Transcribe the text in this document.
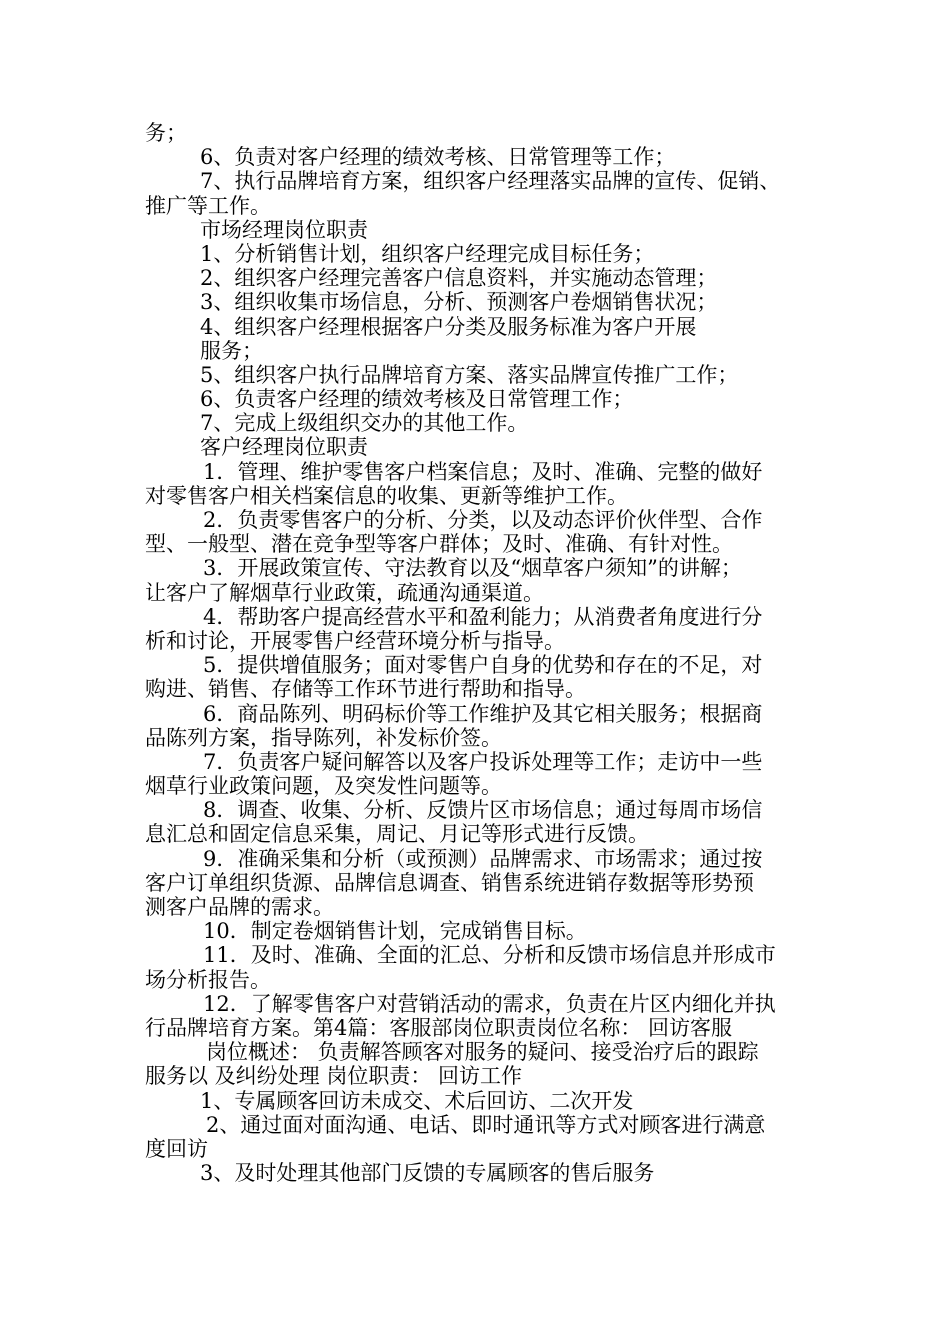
务；
6、负责对客户经理的绩效考核、日常管理等工作；
7、执行品牌培育方案，组织客户经理落实品牌的宣传、促销、
推广等工作。
市场经理岗位职责
1、分析销售计划，组织客户经理完成目标任务；
2、组织客户经理完善客户信息资料，并实施动态管理；
3、组织收集市场信息，分析、预测客户卷烟销售状况；
4、组织客户经理根据客户分类及服务标准为客户开展
服务；
5、组织客户执行品牌培育方案、落实品牌宣传推广工作；
6、负责客户经理的绩效考核及日常管理工作；
7、完成上级组织交办的其他工作。
客户经理岗位职责
1．管理、维护零售客户档案信息；及时、准确、完整的做好
对零售客户相关档案信息的收集、更新等维护工作。
2．负责零售客户的分析、分类，以及动态评价伙伴型、合作
型、一般型、潜在竞争型等客户群体；及时、准确、有针对性。
3．开展政策宣传、守法教育以及“烟草客户须知”的讲解；
让客户了解烟草行业政策，疏通沟通渠道。
4．帮助客户提高经营水平和盈利能力；从消费者角度进行分
析和讨论，开展零售户经营环境分析与指导。
5．提供增值服务；面对零售户自身的优势和存在的不足，对
购进、销售、存储等工作环节进行帮助和指导。
6．商品陈列、明码标价等工作维护及其它相关服务；根据商
品陈列方案，指导陈列，补发标价签。
7．负责客户疑问解答以及客户投诉处理等工作；走访中一些
烟草行业政策问题，及突发性问题等。
8．调查、收集、分析、反馈片区市场信息；通过每周市场信
息汇总和固定信息采集，周记、月记等形式进行反馈。
9．准确采集和分析（或预测）品牌需求、市场需求；通过按
客户订单组织货源、品牌信息调查、销售系统进销存数据等形势预
测客户品牌的需求。
10．制定卷烟销售计划，完成销售目标。
11．及时、准确、全面的汇总、分析和反馈市场信息并形成市
场分析报告。
12．了解零售客户对营销活动的需求，负责在片区内细化并执
行品牌培育方案。第4篇：客服部岗位职责岗位名称： 回访客服
岗位概述： 负责解答顾客对服务的疑问、接受治疗后的跟踪
服务以 及纠纷处理 岗位职责： 回访工作
1、专属顾客回访未成交、术后回访、二次开发
2、通过面对面沟通、电话、即时通讯等方式对顾客进行满意
度回访
3、及时处理其他部门反馈的专属顾客的售后服务
